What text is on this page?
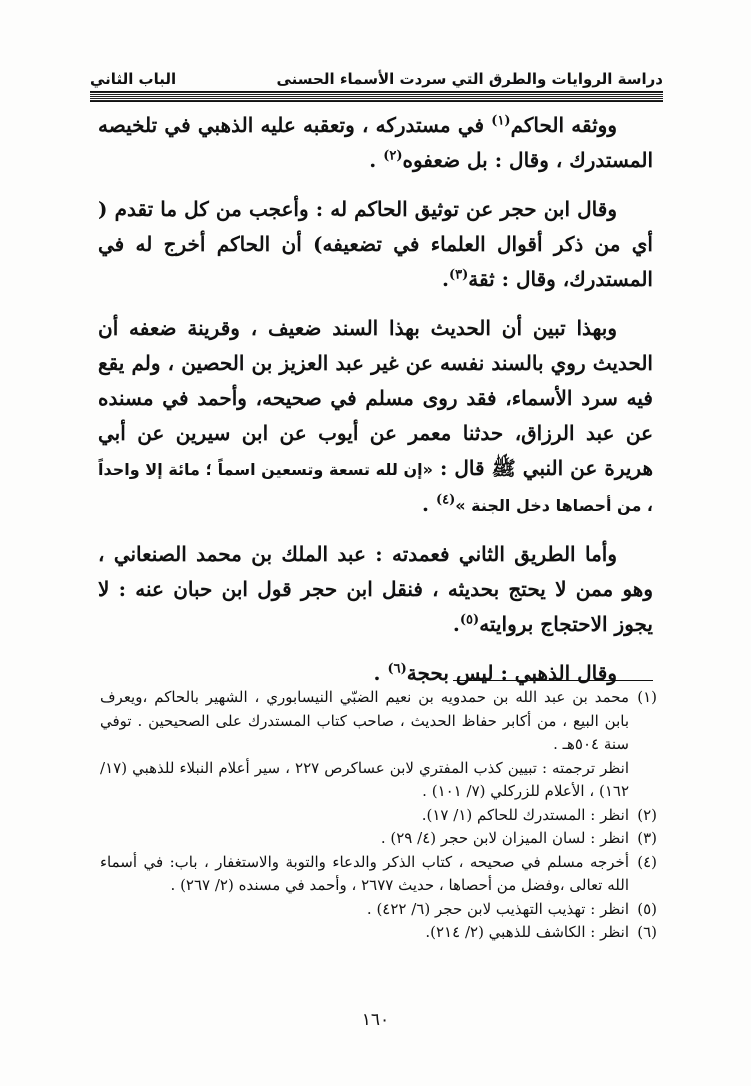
دراسة الروايات والطرق التي سردت الأسماء الحسنى
الباب الثاني

ووثقه الحاكم$^{(١)}$ في مستدركه ، وتعقبه عليه الذهبي في تلخيصه المستدرك ، وقال : بل ضعفوه$^{(٢)}$ .

وقال ابن حجر عن توثيق الحاكم له : وأعجب من كل ما تقدم ( أي من ذكر أقوال العلماء في تضعيفه) أن الحاكم أخرج له في المستدرك، وقال : ثقة$^{(٣)}$.

وبهذا تبين أن الحديث بهذا السند ضعيف ، وقرينة ضعفه أن الحديث روي بالسند نفسه عن غير عبد العزيز بن الحصين ، ولم يقع فيه سرد الأسماء، فقد روى مسلم في صحيحه، وأحمد في مسنده عن عبد الرزاق، حدثنا معمر عن أيوب عن ابن سيرين عن أبي هريرة عن النبي ﷺ قال : «إن لله تسعة وتسعين اسماً ؛ مائة إلا واحداً ، من أحصاها دخل الجنة »$^{(٤)}$ .

وأما الطريق الثاني فعمدته : عبد الملك بن محمد الصنعاني ، وهو ممن لا يحتج بحديثه ، فنقل ابن حجر قول ابن حبان عنه : لا يجوز الاحتجاج بروايته$^{(٥)}$.

وقال الذهبي : ليس بحجة$^{(٦)}$ .

(١)
محمد بن عبد الله بن حمدويه بن نعيم الضبّي النيسابوري ، الشهير بالحاكم ،ويعرف بابن البيع ، من أكابر حفاظ الحديث ، صاحب كتاب المستدرك على الصحيحين . توفي سنة ٥٠٤هـ .
انظر ترجمته : تبيين كذب المفتري لابن عساكرص ٢٢٧ ، سير أعلام النبلاء للذهبي (١٧/ ١٦٢) ، الأعلام للزركلي (٧/ ١٠١) .
(٢)
انظر : المستدرك للحاكم (١/ ١٧).
(٣)
انظر : لسان الميزان لابن حجر (٤/ ٢٩) .
(٤)
أخرجه مسلم في صحيحه ، كتاب الذكر والدعاء والتوبة والاستغفار ، باب: في أسماء الله تعالى ،وفضل من أحصاها ، حديث ٢٦٧٧ ، وأحمد في مسنده (٢/ ٢٦٧) .
(٥)
انظر : تهذيب التهذيب لابن حجر (٦/ ٤٢٢) .
(٦)
انظر : الكاشف للذهبي (٢/ ٢١٤).
١٦٠
